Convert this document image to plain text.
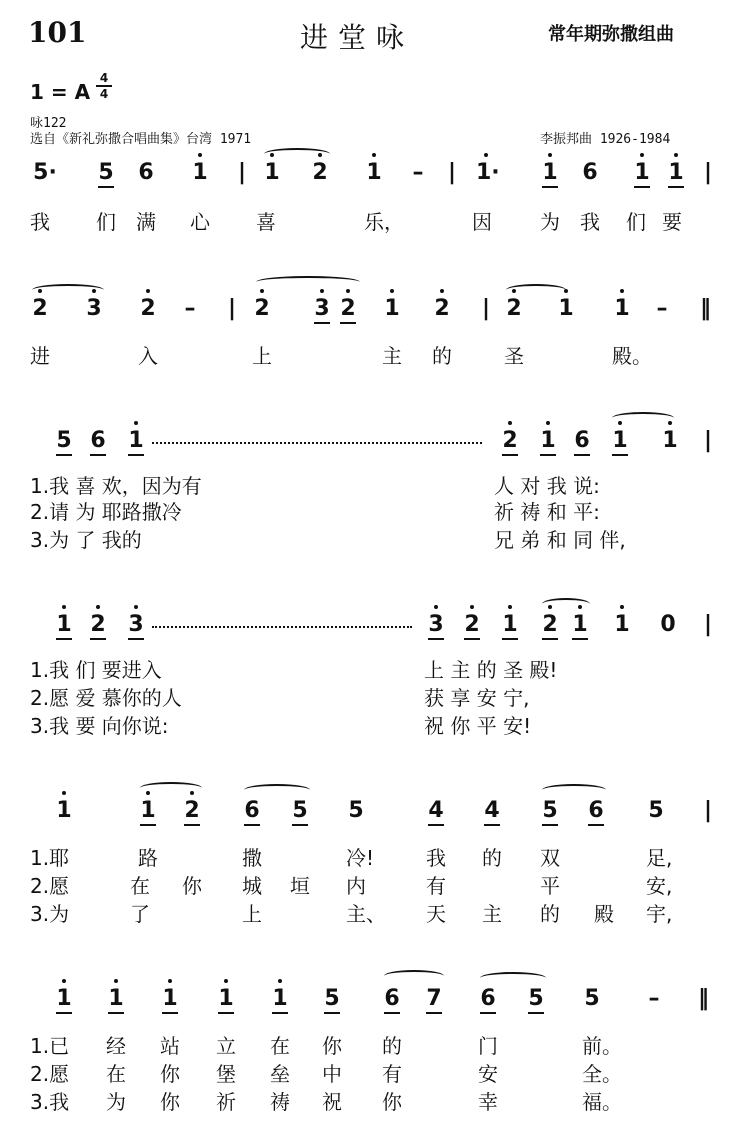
101	进堂咏	常年期弥撒组曲
1 = A
4
4
咏122
选自《新礼弥撒合唱曲集》台湾 1971	李振邦曲 1926-1984
5· 5 6 1 | 1 2 1 – | 1· 1 6 1 1 |
我 们 满 心 喜	乐，	因 为 我 们 要
2 3 2 – | 2 3 2 1 2 | 2 1 1 – ‖
进	入	上	主 的	圣	殿。
5 6 1	2 1 6 1 1 |
1.我 喜 欢，因为有
2.请 为 耶路撒冷
3.为 了 我的
人 对 我 说:
祈 祷 和 平:
兄 弟 和 同 伴,
1 2 3	3 2 1 2 1 1 0 |
1.我 们 要进入
2.愿 爱 慕你的人
3.我 要 向你说:
上 主 的 圣 殿!
获 享 安 宁,
祝 你 平 安!
1	1 2 6 5 5	4 4 5 6 5 |
1.耶	路	撒	冷!	我 的 双	足,
2.愿	在 你 城 垣 内	有	平	安,
3.为	了	上	主、 天 主 的 殿 宇,
1 1 1 1 1 5 6 7 6 5 5 – ‖
1.已 经 站 立 在 你 的	门	前。
2.愿 在 你 堡 垒 中 有	安	全。
3.我 为 你 祈 祷 祝 你	幸	福。
